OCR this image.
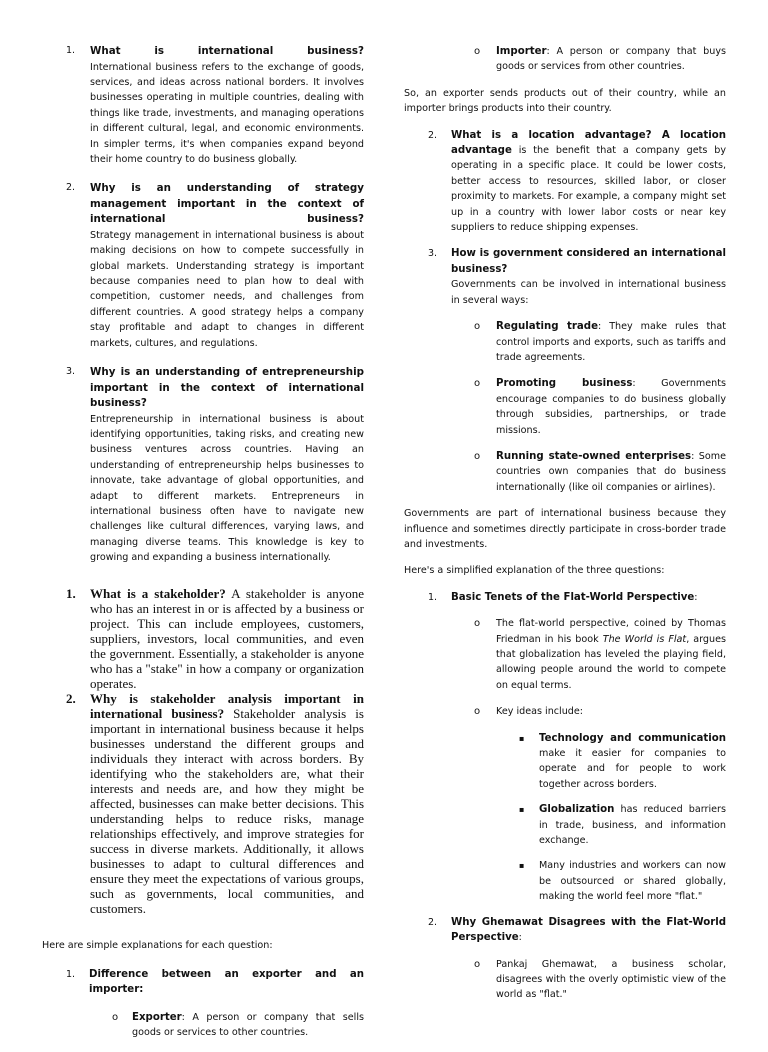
1. What is international business?
International business refers to the exchange of goods, services, and ideas across national borders. It involves businesses operating in multiple countries, dealing with things like trade, investments, and managing operations in different cultural, legal, and economic environments. In simpler terms, it's when companies expand beyond their home country to do business globally.
2. Why is an understanding of strategy management important in the context of international business?
Strategy management in international business is about making decisions on how to compete successfully in global markets. Understanding strategy is important because companies need to plan how to deal with competition, customer needs, and challenges from different countries. A good strategy helps a company stay profitable and adapt to changes in different markets, cultures, and regulations.
3. Why is an understanding of entrepreneurship important in the context of international business?
Entrepreneurship in international business is about identifying opportunities, taking risks, and creating new business ventures across countries. Having an understanding of entrepreneurship helps businesses to innovate, take advantage of global opportunities, and adapt to different markets. Entrepreneurs in international business often have to navigate new challenges like cultural differences, varying laws, and managing diverse teams. This knowledge is key to growing and expanding a business internationally.
1. What is a stakeholder? A stakeholder is anyone who has an interest in or is affected by a business or project. This can include employees, customers, suppliers, investors, local communities, and even the government. Essentially, a stakeholder is anyone who has a "stake" in how a company or organization operates.
2. Why is stakeholder analysis important in international business? Stakeholder analysis is important in international business because it helps businesses understand the different groups and individuals they interact with across borders. By identifying who the stakeholders are, what their interests and needs are, and how they might be affected, businesses can make better decisions. This understanding helps to reduce risks, manage relationships effectively, and improve strategies for success in diverse markets. Additionally, it allows businesses to adapt to cultural differences and ensure they meet the expectations of various groups, such as governments, local communities, and customers.

Here are simple explanations for each question:

1. Difference between an exporter and an importer:
o Exporter: A person or company that sells goods or services to other countries.
o Importer: A person or company that buys goods or services from other countries.

So, an exporter sends products out of their country, while an importer brings products into their country.

2. What is a location advantage? A location advantage is the benefit that a company gets by operating in a specific place. It could be lower costs, better access to resources, skilled labor, or closer proximity to markets. For example, a company might set up in a country with lower labor costs or near key suppliers to reduce shipping expenses.
3. How is government considered an international business?
Governments can be involved in international business in several ways:
o Regulating trade: They make rules that control imports and exports, such as tariffs and trade agreements.
o Promoting business: Governments encourage companies to do business globally through subsidies, partnerships, or trade missions.
o Running state-owned enterprises: Some countries own companies that do business internationally (like oil companies or airlines).

Governments are part of international business because they influence and sometimes directly participate in cross-border trade and investments.

Here's a simplified explanation of the three questions:

1. Basic Tenets of the Flat-World Perspective:
o The flat-world perspective, coined by Thomas Friedman in his book The World is Flat, argues that globalization has leveled the playing field, allowing people around the world to compete on equal terms.
o Key ideas include:
▪ Technology and communication make it easier for companies to operate and for people to work together across borders.
▪ Globalization has reduced barriers in trade, business, and information exchange.
▪ Many industries and workers can now be outsourced or shared globally, making the world feel more "flat."
2. Why Ghemawat Disagrees with the Flat-World Perspective:
o Pankaj Ghemawat, a business scholar, disagrees with the overly optimistic view of the world as "flat."
